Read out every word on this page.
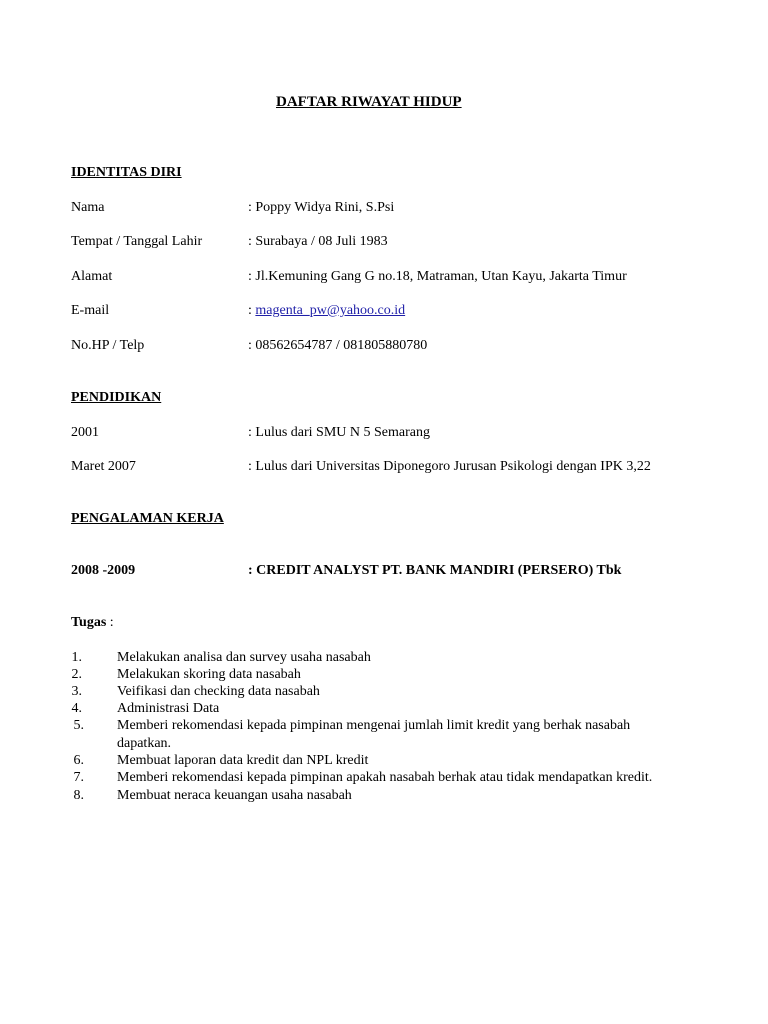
DAFTAR RIWAYAT HIDUP
IDENTITAS DIRI
Nama	: Poppy Widya Rini, S.Psi
Tempat / Tanggal Lahir	: Surabaya / 08 Juli 1983
Alamat	: Jl.Kemuning Gang G no.18, Matraman, Utan Kayu, Jakarta Timur
E-mail	: magenta_pw@yahoo.co.id
No.HP / Telp	: 08562654787 / 081805880780
PENDIDIKAN
2001	: Lulus dari SMU N 5 Semarang
Maret 2007	: Lulus dari Universitas Diponegoro Jurusan Psikologi dengan IPK 3,22
PENGALAMAN KERJA
2008 -2009	: CREDIT ANALYST PT. BANK MANDIRI (PERSERO) Tbk
Tugas :
1.	Melakukan analisa dan survey usaha nasabah
2.	Melakukan skoring data nasabah
3.	Veifikasi dan checking data nasabah
4.	Administrasi Data
5. Memberi rekomendasi kepada pimpinan mengenai jumlah limit kredit yang berhak nasabah
dapatkan.
6. Membuat laporan data kredit dan NPL kredit
7. Memberi rekomendasi kepada pimpinan apakah nasabah berhak atau tidak mendapatkan kredit.
8. Membuat neraca keuangan usaha nasabah
